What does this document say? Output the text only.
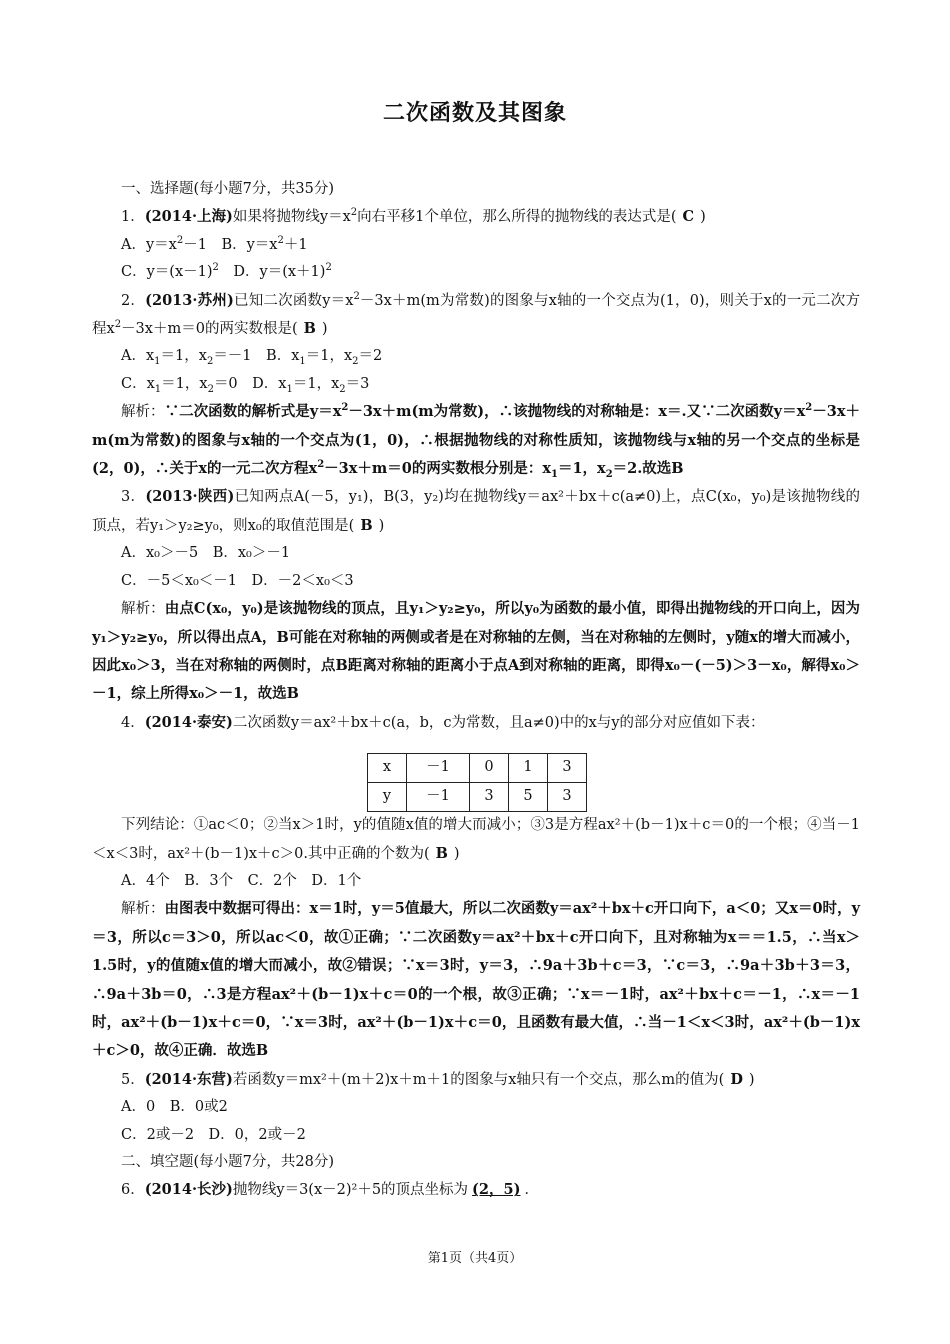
二次函数及其图象

一、选择题(每小题7分，共35分)

1．(2014·上海)如果将抛物线$y=x^2$向右平移1个单位，那么所得的抛物线的表达式是( C )

A．$y=x^2-1$　 B．$y=x^2+1$

C．$y=(x-1)^2$　 D．$y=(x+1)^2$

2．(2013·苏州)已知二次函数$y=x^2-3x+m(m$为常数)的图象与x轴的一个交点为(1，0)，则关于x的一元二次方程$x^2-3x+m=0$的两实数根是( B )

A．$x_1=1$，$x_2=-1$　 B．$x_1=1$，$x_2=2$

C．$x_1=1$，$x_2=0$　 D．$x_1=1$，$x_2=3$

解析：∵二次函数的解析式是$y=x^2-3x+m(m$为常数)，∴该抛物线的对称轴是：x＝.又∵二次函数$y=x^2-3x+m(m$为常数)的图象与x轴的一个交点为(1，0)，∴根据抛物线的对称性质知，该抛物线与x轴的另一个交点的坐标是(2，0)，∴关于x的一元二次方程$x^2-3x+m=0$的两实数根分别是：$x_1=1$，$x_2=2$.故选B

3．(2013·陕西)已知两点A(－5，y₁)，B(3，y₂)均在抛物线y＝ax²＋bx＋c(a≠0)上，点C(x₀，y₀)是该抛物线的顶点，若y₁＞y₂≥y₀，则x₀的取值范围是( B )

A．x₀＞－5　 B．x₀＞－1

C．－5＜x₀＜－1　 D．－2＜x₀＜3

解析：由点C(x₀，y₀)是该抛物线的顶点，且y₁＞y₂≥y₀，所以y₀为函数的最小值，即得出抛物线的开口向上，因为y₁＞y₂≥y₀，所以得出点A，B可能在对称轴的两侧或者是在对称轴的左侧，当在对称轴的左侧时，y随x的增大而减小，因此x₀＞3，当在对称轴的两侧时，点B距离对称轴的距离小于点A到对称轴的距离，即得x₀－(－5)＞3－x₀，解得x₀＞－1，综上所得x₀＞－1，故选B

4．(2014·泰安)二次函数y＝ax²＋bx＋c(a，b，c为常数，且a≠0)中的x与y的部分对应值如下表：

x	－1	0	1	3
y	－1	3	5	3

下列结论：①ac＜0；②当x＞1时，y的值随x值的增大而减小；③3是方程ax²＋(b－1)x＋c＝0的一个根；④当－1＜x＜3时，ax²＋(b－1)x＋c＞0.其中正确的个数为( B )

A．4个　B．3个　C．2个　D．1个

解析：由图表中数据可得出：x＝1时，y＝5值最大，所以二次函数y＝ax²＋bx＋c开口向下，a＜0；又x＝0时，y＝3，所以c＝3＞0，所以ac＜0，故①正确；∵二次函数y＝ax²＋bx＋c开口向下，且对称轴为x＝＝1.5，∴当x＞1.5时，y的值随x值的增大而减小，故②错误；∵x＝3时，y＝3，∴9a＋3b＋c＝3，∵c＝3，∴9a＋3b＋3＝3，∴9a＋3b＝0，∴3是方程ax²＋(b－1)x＋c＝0的一个根，故③正确；∵x＝－1时，ax²＋bx＋c＝－1，∴x＝－1时，ax²＋(b－1)x＋c＝0，∵x＝3时，ax²＋(b－1)x＋c＝0，且函数有最大值，∴当－1＜x＜3时，ax²＋(b－1)x＋c＞0，故④正确．故选B

5．(2014·东营)若函数y＝mx²＋(m＋2)x＋m＋1的图象与x轴只有一个交点，那么m的值为( D )

A．0　B．0或2

C．2或－2　D．0，2或－2

二、填空题(每小题7分，共28分)

6．(2014·长沙)抛物线y＝3(x－2)²＋5的顶点坐标为 (2，5) ．

第1页（共4页）
